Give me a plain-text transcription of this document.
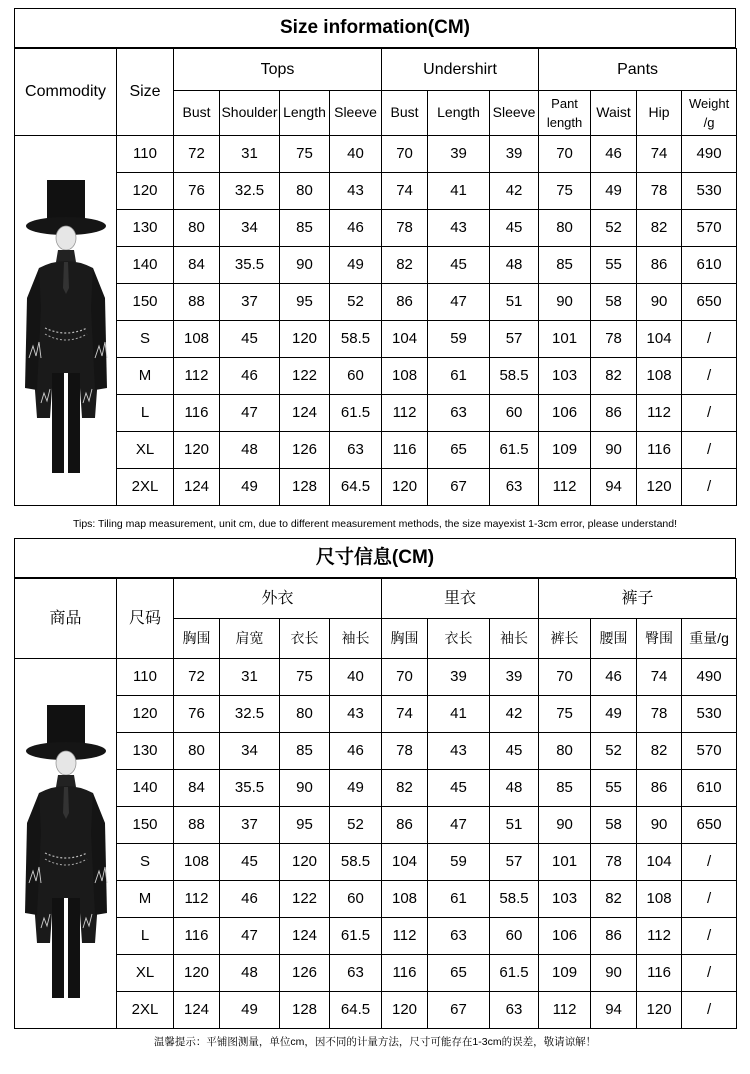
Size information(CM)
Commodity	Size	Tops				Undershirt			Pants			
		Bust	Shoulder	Length	Sleeve	Bust	Length	Sleeve	Pant length	Waist	Hip	Weight /g

	110	72	31	75	40	70	39	39	70	46	74	490
	120	76	32.5	80	43	74	41	42	75	49	78	530
	130	80	34	85	46	78	43	45	80	52	82	570
	140	84	35.5	90	49	82	45	48	85	55	86	610
	150	88	37	95	52	86	47	51	90	58	90	650
	S	108	45	120	58.5	104	59	57	101	78	104	/
	M	112	46	122	60	108	61	58.5	103	82	108	/
	L	116	47	124	61.5	112	63	60	106	86	112	/
	XL	120	48	126	63	116	65	61.5	109	90	116	/
	2XL	124	49	128	64.5	120	67	63	112	94	120	/
Tips: Tiling map measurement, unit cm, due to different measurement methods, the size mayexist 1-3cm error, please understand!
尺寸信息(CM)
商品	尺码	外衣				里衣			裤子			
		胸围	肩宽	衣长	袖长	胸围	衣长	袖长	裤长	腰围	臀围	重量/g

	110	72	31	75	40	70	39	39	70	46	74	490
	120	76	32.5	80	43	74	41	42	75	49	78	530
	130	80	34	85	46	78	43	45	80	52	82	570
	140	84	35.5	90	49	82	45	48	85	55	86	610
	150	88	37	95	52	86	47	51	90	58	90	650
	S	108	45	120	58.5	104	59	57	101	78	104	/
	M	112	46	122	60	108	61	58.5	103	82	108	/
	L	116	47	124	61.5	112	63	60	106	86	112	/
	XL	120	48	126	63	116	65	61.5	109	90	116	/
	2XL	124	49	128	64.5	120	67	63	112	94	120	/
温馨提示：平铺图测量，单位cm，因不同的计量方法，尺寸可能存在1-3cm的误差，敬请谅解！
